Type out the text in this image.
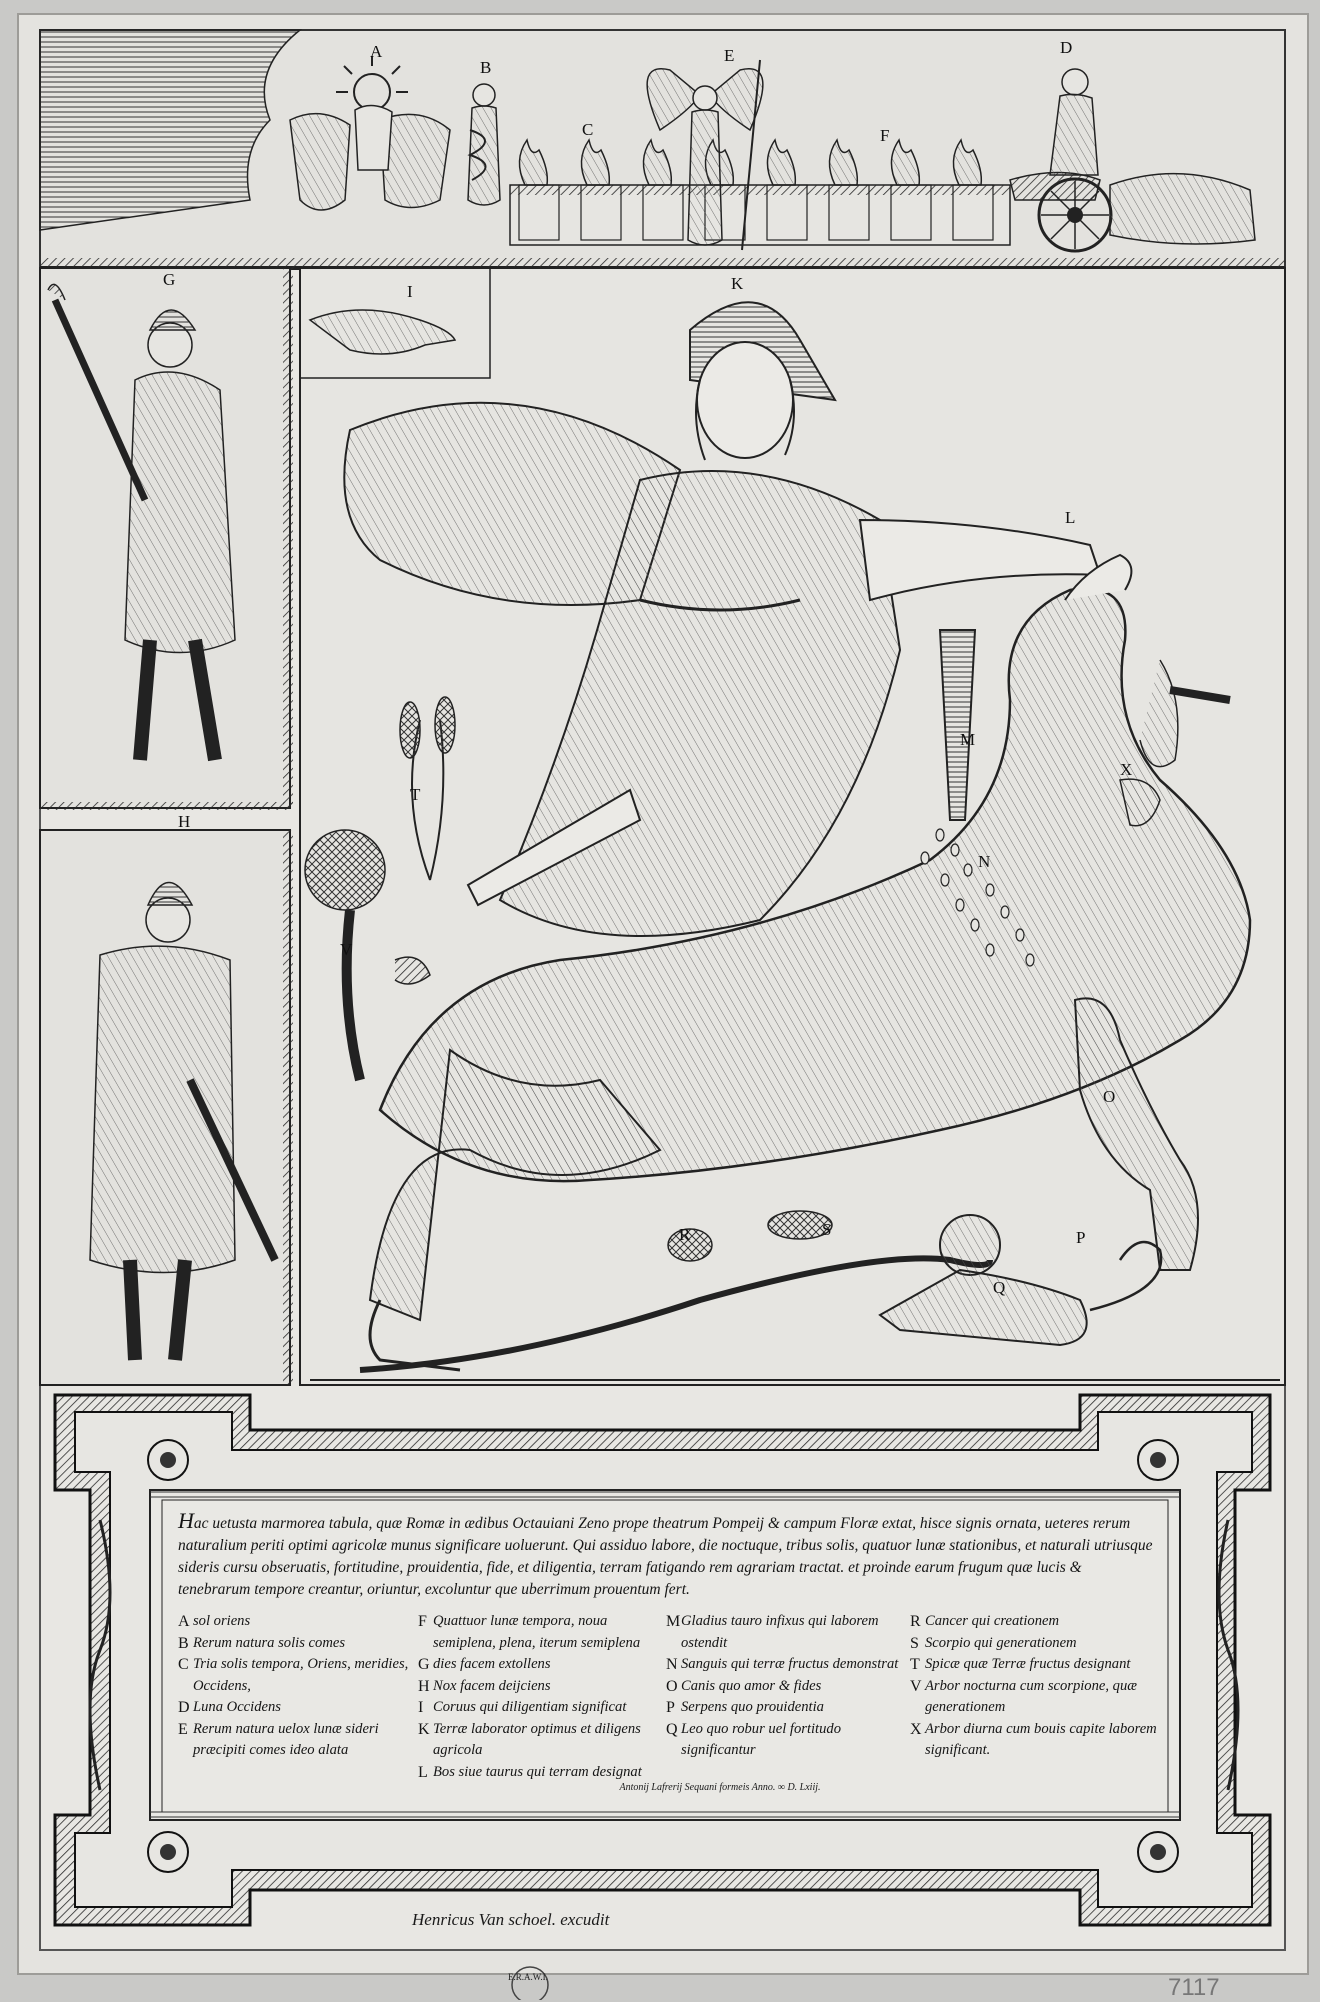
A
B
C
D
E
F
G
H
I	K
L
M
N
O
P
Q
R	S
T
V
X

Hac uetusta marmorea tabula, quæ Romæ in ædibus Octauiani Zeno prope theatrum Pompeij & campum Floræ extat, hisce signis ornata, ueteres rerum naturalium periti optimi agricolæ munus significare uoluerunt. Qui assiduo labore, die noctuque, tribus solis, quatuor lunæ stationibus, et naturali utriusque sideris cursu obseruatis, fortitudine, prouidentia, fide, et diligentia, terram fatigando rem agrariam tractat. et proinde earum frugum quæ lucis & tenebrarum tempore creantur, oriuntur, excoluntur que uberrimum prouentum fert.

A sol oriens
B Rerum natura solis comes
C Tria solis tempora, Oriens, meridies, Occidens,
D Luna Occidens
E Rerum natura uelox lunæ sideri præcipiti comes ideo alata
F Quattuor lunæ tempora, noua semiplena, plena, iterum semiplena
G dies facem extollens
H Nox facem deijciens
I Coruus qui diligentiam significat
K Terræ laborator optimus et diligens agricola
L Bos siue taurus qui terram designat
M Gladius tauro infixus qui laborem ostendit
N Sanguis qui terræ fructus demonstrat
O Canis quo amor & fides
P Serpens quo prouidentia
Q Leo quo robur uel fortitudo significantur
R Cancer qui creationem
S Scorpio qui generationem
T Spicæ quæ Terræ fructus designant
V Arbor nocturna cum scorpione, quæ generationem
X Arbor diurna cum bouis capite laborem significant.
Antonij Lafrerij Sequani formeis Anno. ∞ D. Lxiij.
Henricus Van schoel. excudit
E.R.A.W.I.	7117
